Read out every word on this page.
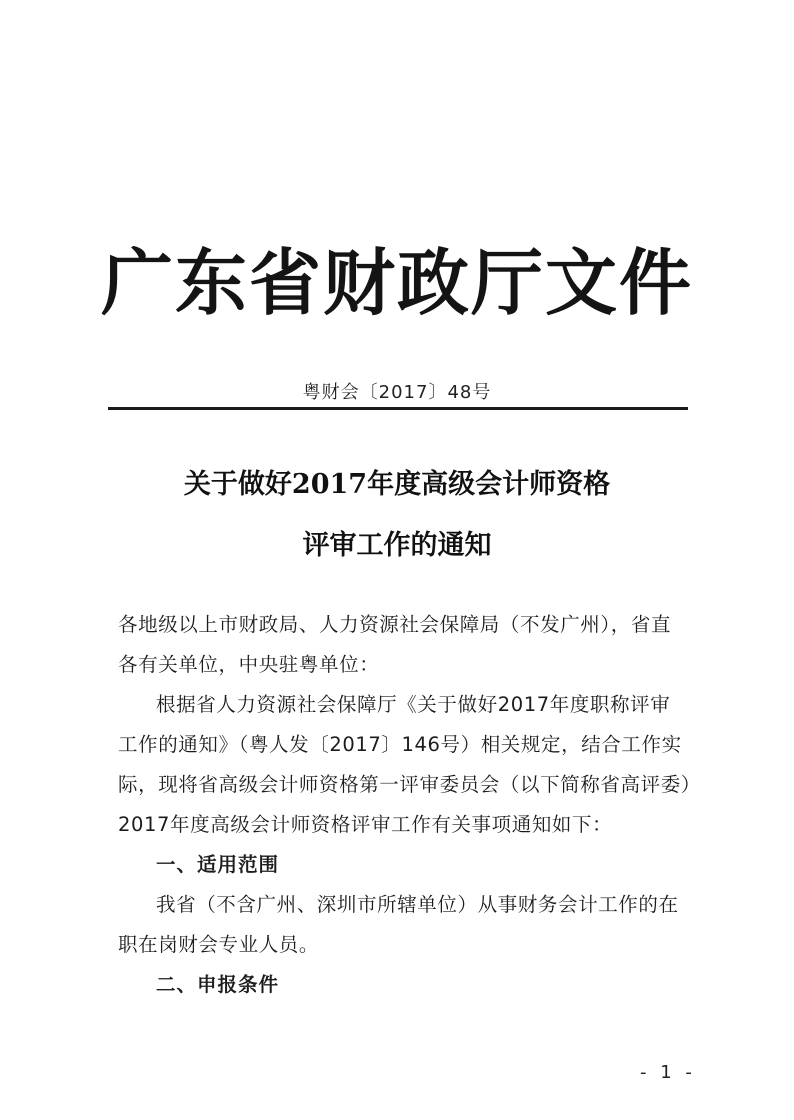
广东省财政厅文件
粤财会〔2017〕48号
关于做好2017年度高级会计师资格
评审工作的通知
各地级以上市财政局、人力资源社会保障局（不发广州），省直
各有关单位，中央驻粤单位：
根据省人力资源社会保障厅《关于做好2017年度职称评审
工作的通知》（粤人发〔2017〕146号）相关规定，结合工作实
际，现将省高级会计师资格第一评审委员会（以下简称省高评委）
2017年度高级会计师资格评审工作有关事项通知如下：
一、适用范围
我省（不含广州、深圳市所辖单位）从事财务会计工作的在
职在岗财会专业人员。
二、申报条件
- 1 -
